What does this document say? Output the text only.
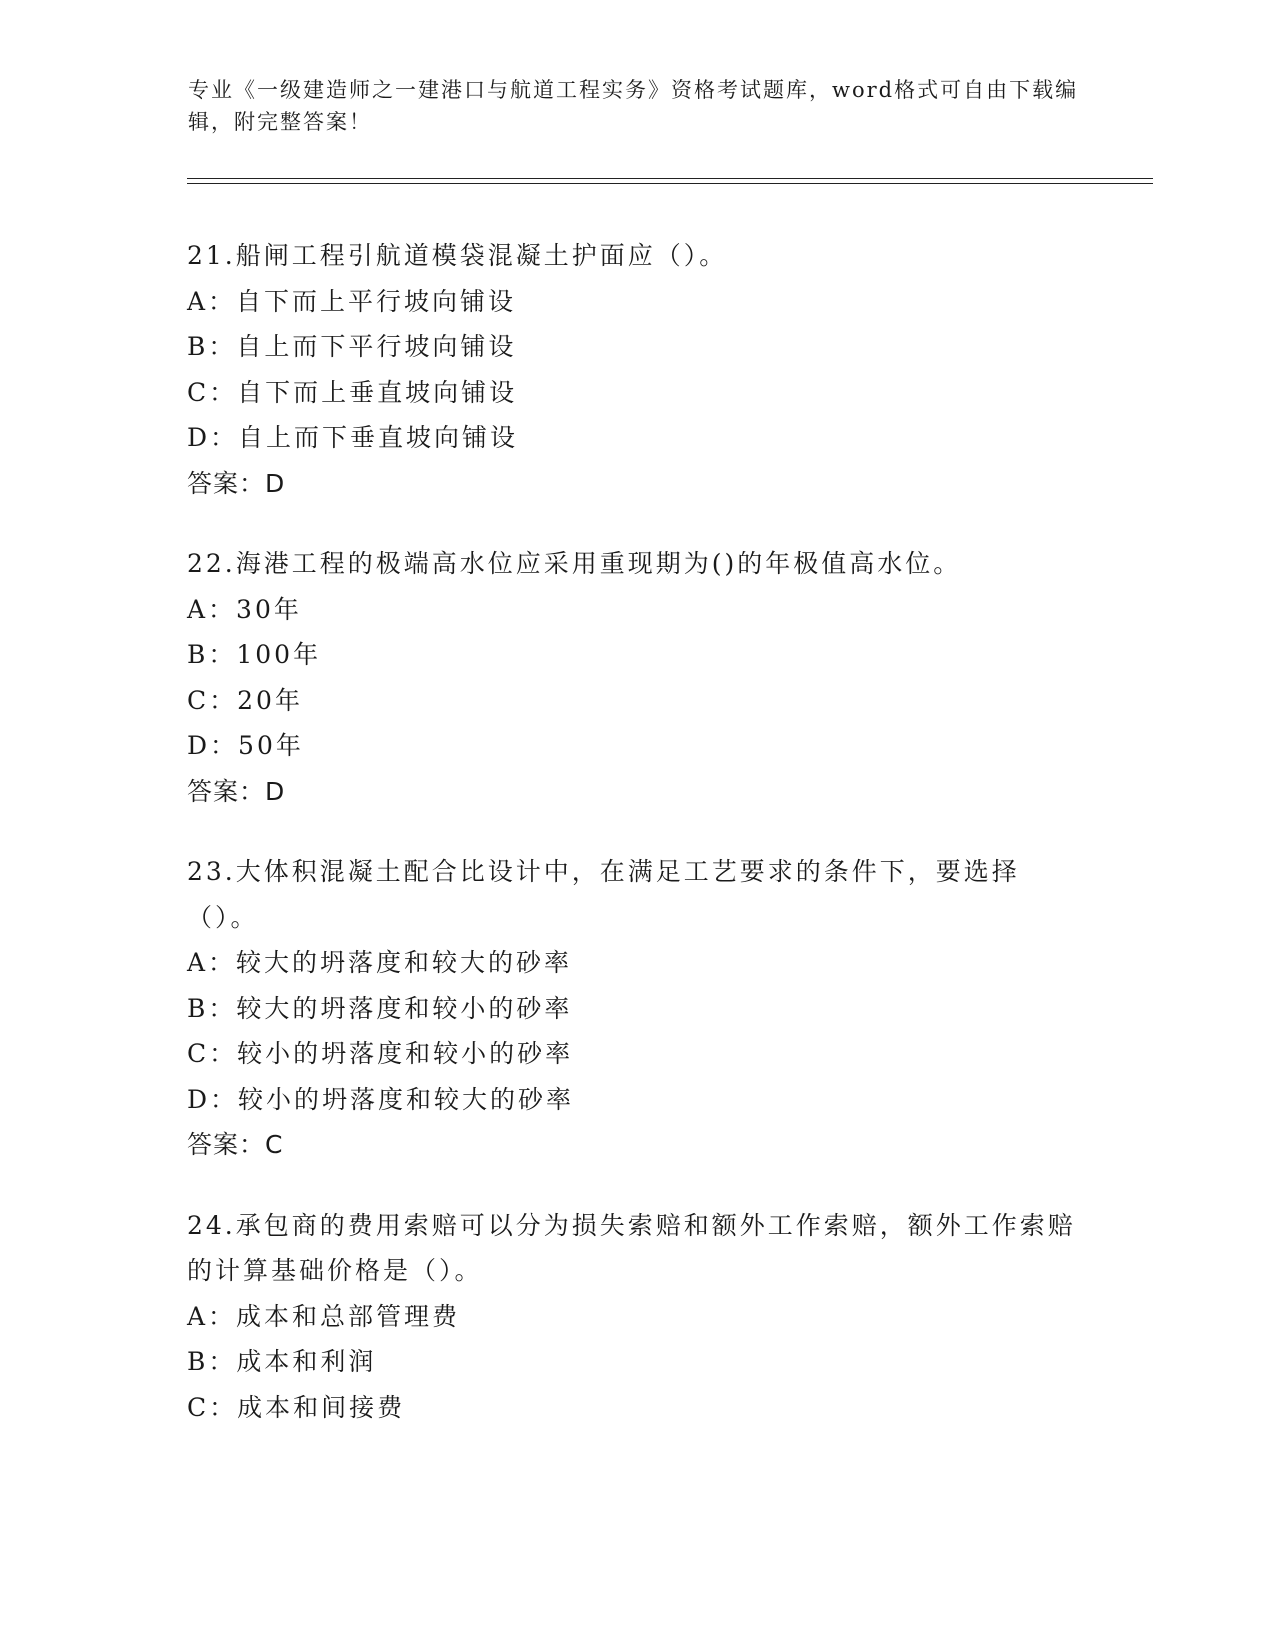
专业《一级建造师之一建港口与航道工程实务》资格考试题库，word格式可自由下载编辑，附完整答案！

21.船闸工程引航道模袋混凝土护面应（）。

A：自下而上平行坡向铺设

B：自上而下平行坡向铺设

C：自下而上垂直坡向铺设

D：自上而下垂直坡向铺设

答案：D

22.海港工程的极端高水位应采用重现期为()的年极值高水位。

A：30年

B：100年

C：20年

D：50年

答案：D

23.大体积混凝土配合比设计中，在满足工艺要求的条件下，要选择（）。

A：较大的坍落度和较大的砂率

B：较大的坍落度和较小的砂率

C：较小的坍落度和较小的砂率

D：较小的坍落度和较大的砂率

答案：C

24.承包商的费用索赔可以分为损失索赔和额外工作索赔，额外工作索赔的计算基础价格是（）。

A：成本和总部管理费

B：成本和利润

C：成本和间接费
